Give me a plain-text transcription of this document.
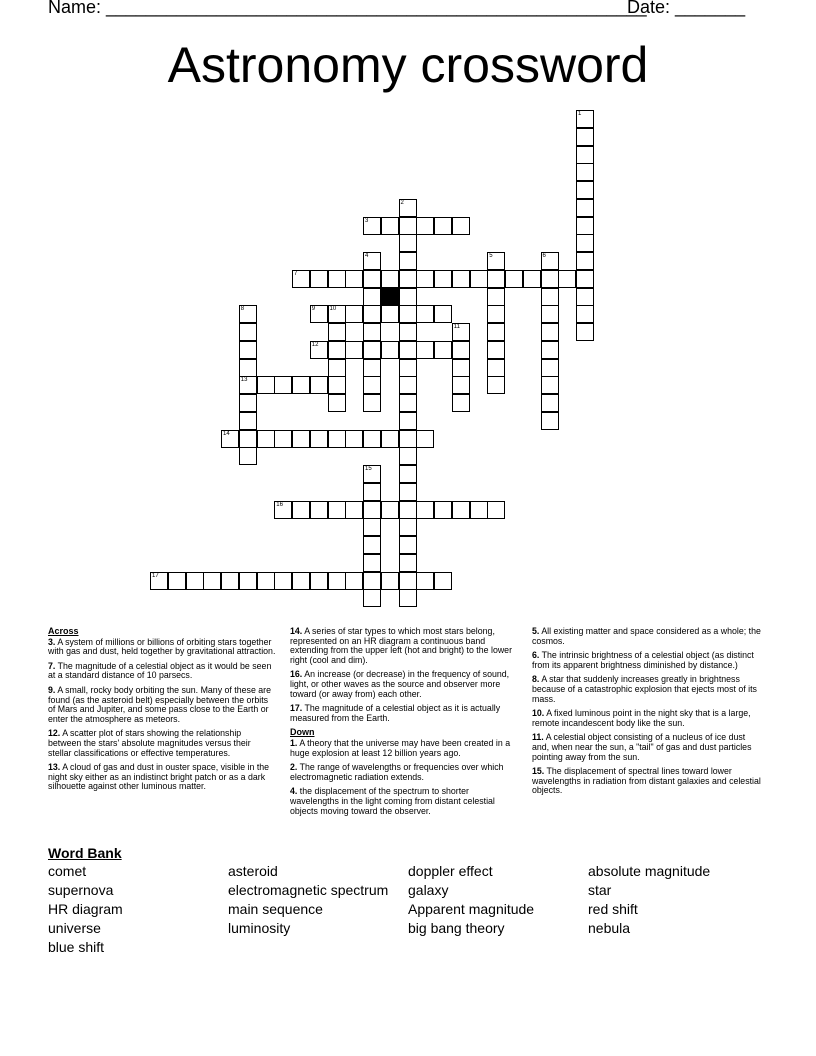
Name: ______________________________________________________
Date: _______
Astronomy crossword
1
2
3
4	5	6
7
8
13
9 10
11
12
14
15
16
17
Across

3. A system of millions or billions of orbiting stars together with gas and dust, held together by gravitational attraction.

7. The magnitude of a celestial object as it would be seen at a standard distance of 10 parsecs.

9. A small, rocky body orbiting the sun. Many of these are found (as the asteroid belt) especially between the orbits of Mars and Jupiter, and some pass close to the Earth or enter the atmosphere as meteors.

12. A scatter plot of stars showing the relationship between the stars' absolute magnitudes versus their stellar classifications or effective temperatures.

13. A cloud of gas and dust in ouster space, visible in the night sky either as an indistinct bright patch or as a dark silhouette against other luminous matter.

14. A series of star types to which most stars belong, represented on an HR diagram a continuous band extending from the upper left (hot and bright) to the lower right (cool and dim).

16. An increase (or decrease) in the frequency of sound, light, or other waves as the source and observer more toward (or away from) each other.

17. The magnitude of a celestial object as it is actually measured from the Earth.

Down

1. A theory that the universe may have been created in a huge explosion at least 12 billion years ago.

2. The range of wavelengths or frequencies over which electromagnetic radiation extends.

4. the displacement of the spectrum to shorter wavelengths in the light coming from distant celestial objects moving toward the observer.

5. All existing matter and space considered as a whole; the cosmos.

6. The intrinsic brightness of a celestial object (as distinct from its apparent brightness diminished by distance.)

8. A star that suddenly increases greatly in brightness because of a catastrophic explosion that ejects most of its mass.

10. A fixed luminous point in the night sky that is a large, remote incandescent body like the sun.

11. A celestial object consisting of a nucleus of ice dust and, when near the sun, a "tail" of gas and dust particles pointing away from the sun.

15. The displacement of spectral lines toward lower wavelengths in radiation from distant galaxies and celestial objects.

Word Bank
comet
supernova
HR diagram
universe
blue shift
asteroid
electromagnetic spectrum
main sequence
luminosity
doppler effect
galaxy
Apparent magnitude
big bang theory
absolute magnitude
star
red shift
nebula
